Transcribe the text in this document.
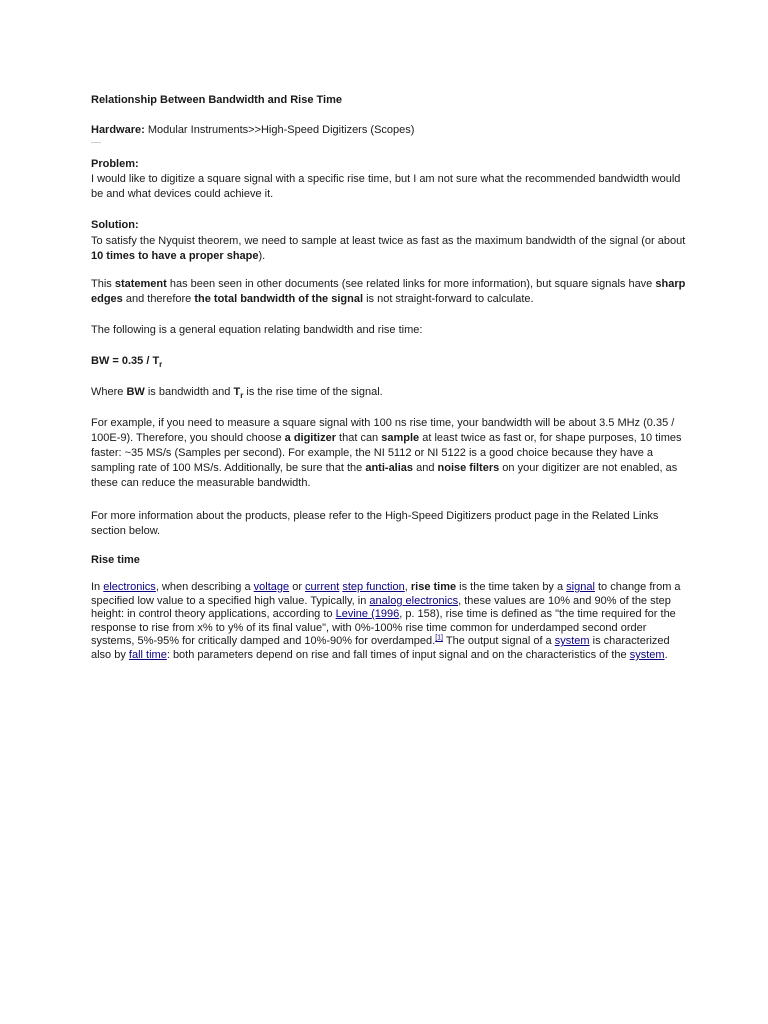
Relationship Between Bandwidth and Rise Time

Hardware: Modular Instruments>>High-Speed Digitizers (Scopes)

Problem:

I would like to digitize a square signal with a specific rise time, but I am not sure what the recommended bandwidth would be and what devices could achieve it.

Solution:

To satisfy the Nyquist theorem, we need to sample at least twice as fast as the maximum bandwidth of the signal (or about 10 times to have a proper shape).

This statement has been seen in other documents (see related links for more information), but square signals have sharp edges and therefore the total bandwidth of the signal is not straight-forward to calculate.

The following is a general equation relating bandwidth and rise time:

BW = $0.35 / T_r$

Where BW is bandwidth and $T_r$ is the rise time of the signal.

For example, if you need to measure a square signal with 100 ns rise time, your bandwidth will be about 3.5 MHz (0.35 / 100E-9). Therefore, you should choose a digitizer that can sample at least twice as fast or, for shape purposes, 10 times faster: ~35 MS/s (Samples per second). For example, the NI 5112 or NI 5122 is a good choice because they have a sampling rate of 100 MS/s. Additionally, be sure that the anti-alias and noise filters on your digitizer are not enabled, as these can reduce the measurable bandwidth.

For more information about the products, please refer to the High-Speed Digitizers product page in the Related Links section below.

Rise time

In electronics, when describing a voltage or current step function, rise time is the time taken by a signal to change from a specified low value to a specified high value. Typically, in analog electronics, these values are 10% and 90% of the step height: in control theory applications, according to Levine (1996, p. 158), rise time is defined as "the time required for the response to rise from x% to y% of its final value", with 0%-100% rise time common for underdamped second order systems, 5%-95% for critically damped and 10%-90% for overdamped.[1] The output signal of a system is characterized also by fall time: both parameters depend on rise and fall times of input signal and on the characteristics of the system.
